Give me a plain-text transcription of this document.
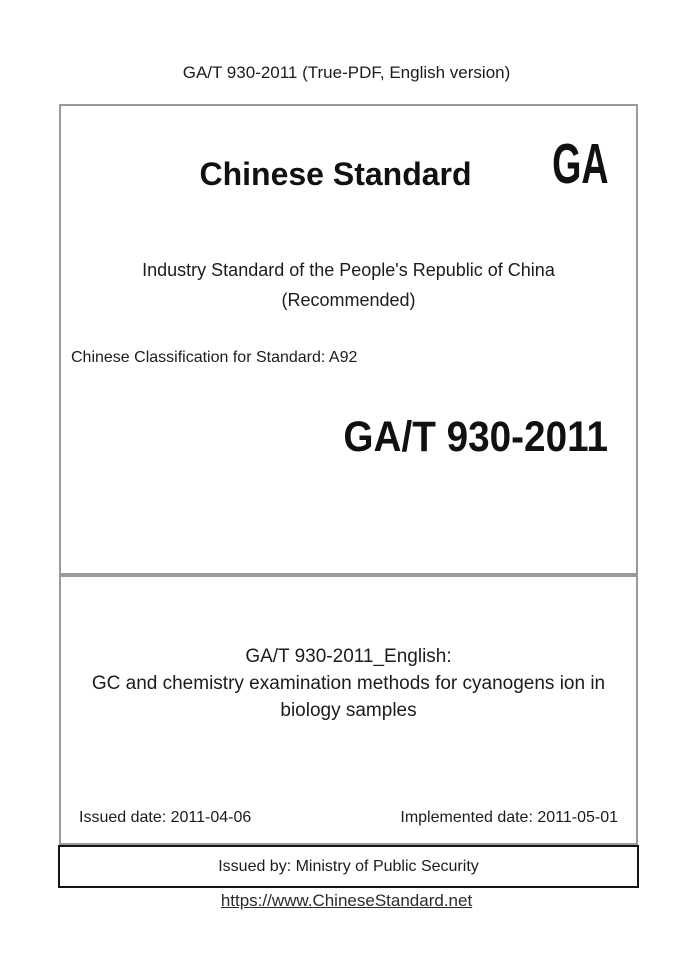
GA/T 930-2011 (True-PDF, English version)
Chinese Standard	GA
Industry Standard of the People's Republic of China
(Recommended)
Chinese Classification for Standard: A92
GA/T 930-2011
GA/T 930-2011_English:
GC and chemistry examination methods for cyanogens ion in biology samples
Issued date: 2011-04-06	Implemented date: 2011-05-01
Issued by: Ministry of Public Security
https://www.ChineseStandard.net
